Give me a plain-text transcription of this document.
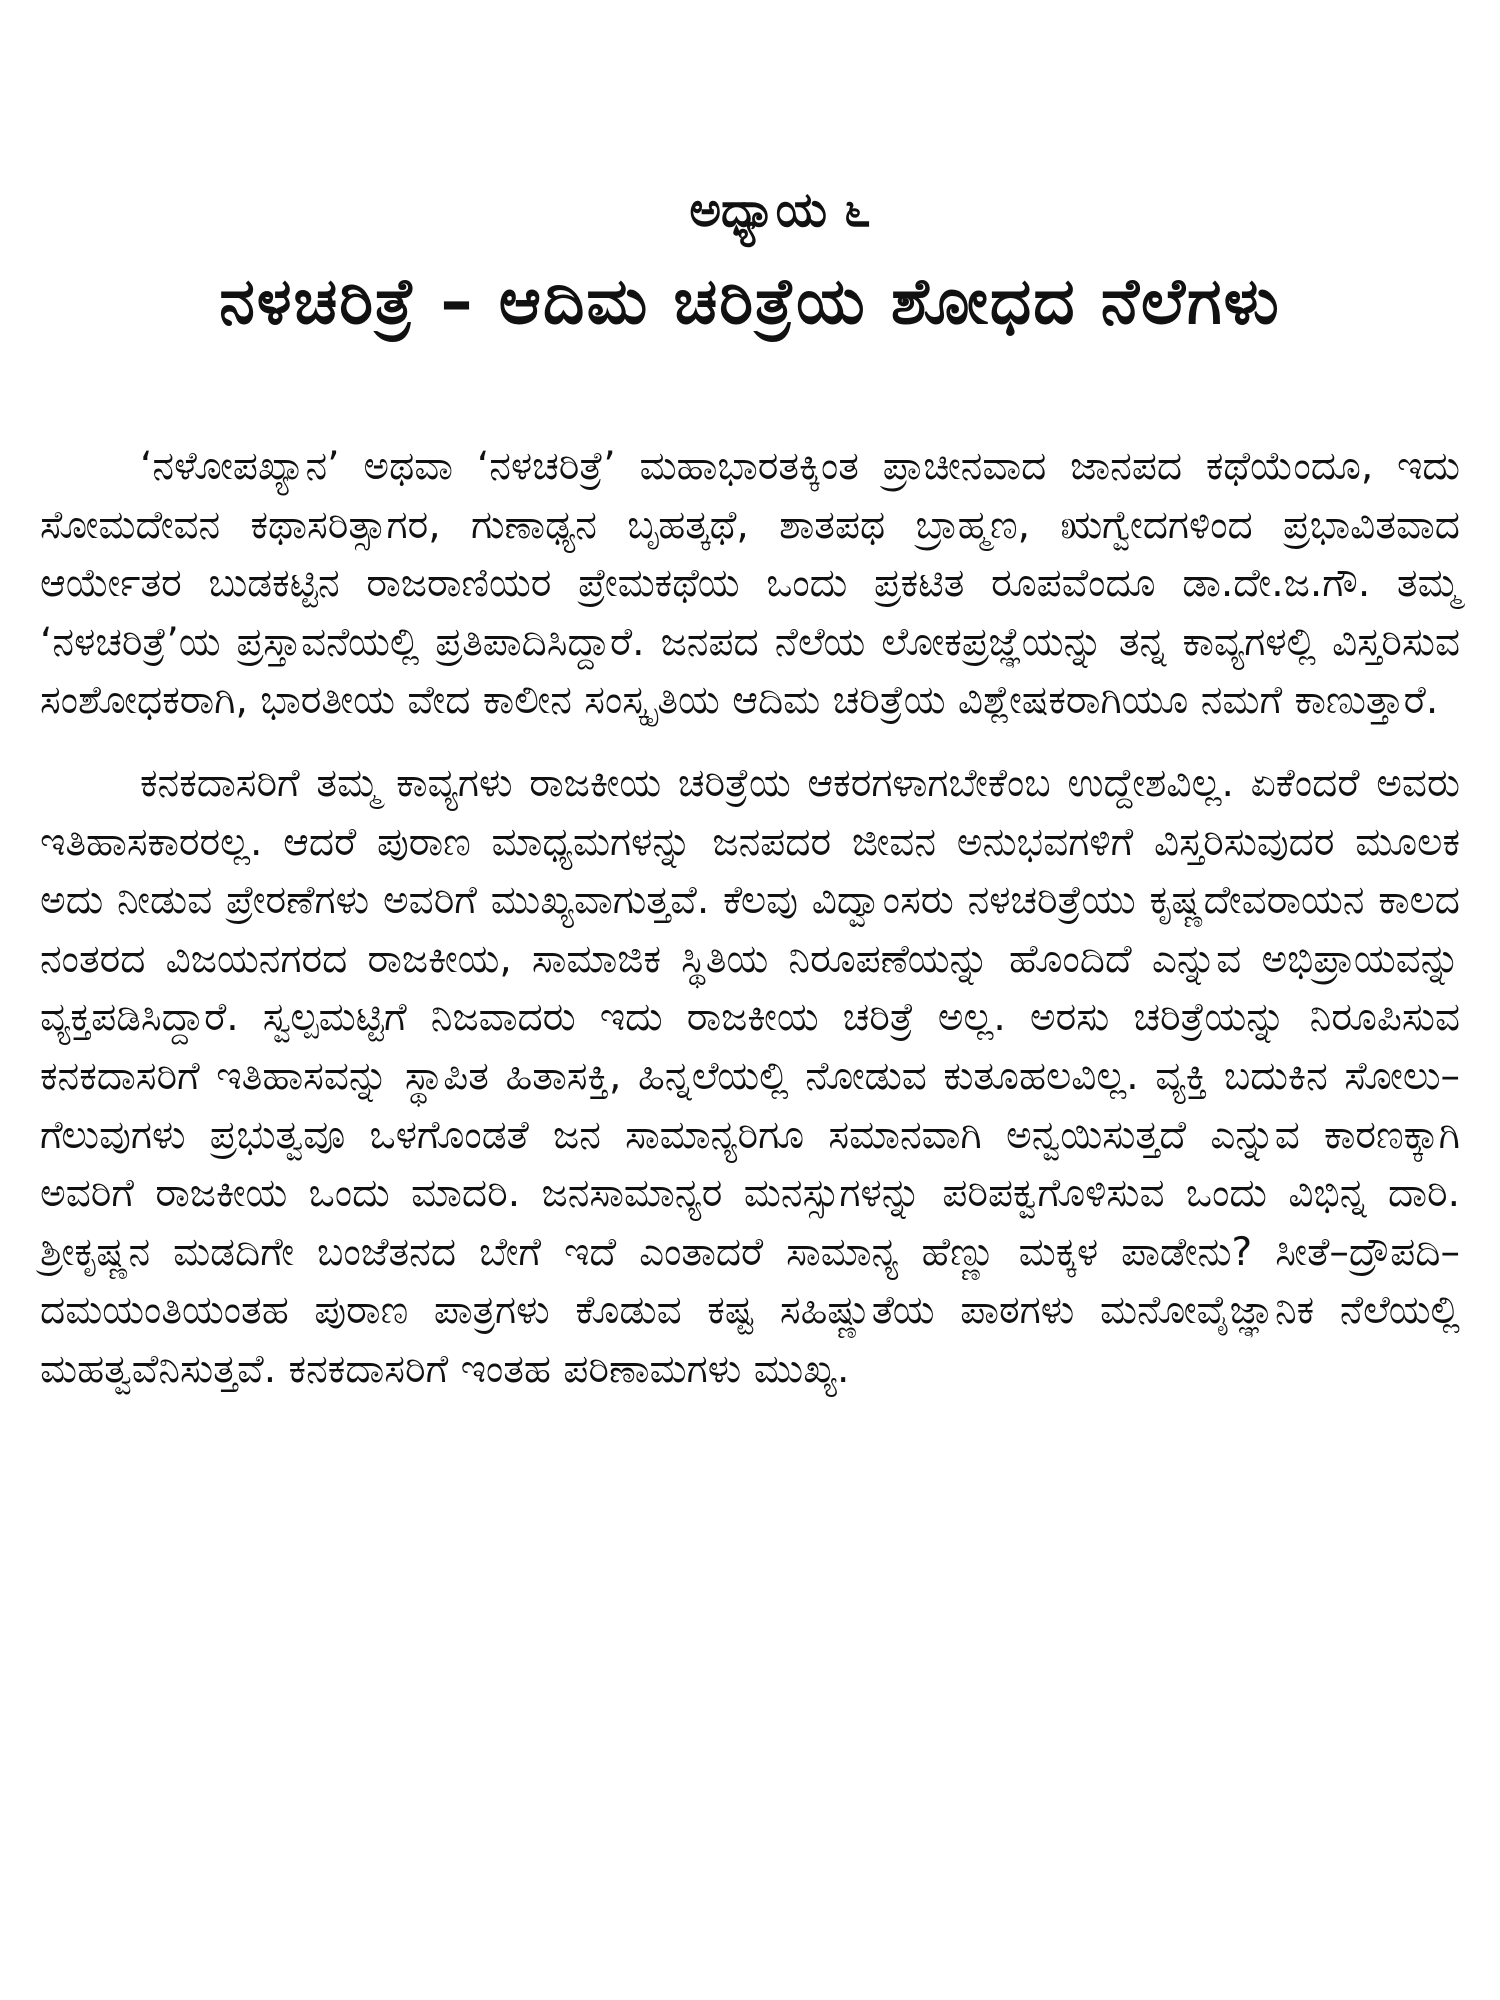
ಅಧ್ಯಾಯ ೬
ನಳಚರಿತ್ರೆ – ಆದಿಮ ಚರಿತ್ರೆಯ ಶೋಧದ ನೆಲೆಗಳು

‘ನಳೋಪಖ್ಯಾನ’ ಅಥವಾ ‘ನಳಚರಿತ್ರೆ’ ಮಹಾಭಾರತಕ್ಕಿಂತ ಪ್ರಾಚೀನವಾದ ಜಾನಪದ ಕಥೆಯೆಂದೂ, ಇದು ಸೋಮದೇವನ ಕಥಾಸರಿತ್ಸಾಗರ, ಗುಣಾಢ್ಯನ ಬೃಹತ್ಕಥೆ, ಶಾತಪಥ ಬ್ರಾಹ್ಮಣ, ಋಗ್ವೇದಗಳಿಂದ ಪ್ರಭಾವಿತವಾದ ಆರ್ಯೇತರ ಬುಡಕಟ್ಟಿನ ರಾಜರಾಣಿಯರ ಪ್ರೇಮಕಥೆಯ ಒಂದು ಪ್ರಕಟಿತ ರೂಪವೆಂದೂ ಡಾ.ದೇ.ಜ.ಗೌ. ತಮ್ಮ ‘ನಳಚರಿತ್ರೆ’ಯ ಪ್ರಸ್ತಾವನೆಯಲ್ಲಿ ಪ್ರತಿಪಾದಿಸಿದ್ದಾರೆ. ಜನಪದ ನೆಲೆಯ ಲೋಕಪ್ರಜ್ಞೆಯನ್ನು ತನ್ನ ಕಾವ್ಯಗಳಲ್ಲಿ ವಿಸ್ತರಿಸುವ ಸಂಶೋಧಕರಾಗಿ, ಭಾರತೀಯ ವೇದ ಕಾಲೀನ ಸಂಸ್ಕೃತಿಯ ಆದಿಮ ಚರಿತ್ರೆಯ ವಿಶ್ಲೇಷಕರಾಗಿಯೂ ನಮಗೆ ಕಾಣುತ್ತಾರೆ.

ಕನಕದಾಸರಿಗೆ ತಮ್ಮ ಕಾವ್ಯಗಳು ರಾಜಕೀಯ ಚರಿತ್ರೆಯ ಆಕರಗಳಾಗಬೇಕೆಂಬ ಉದ್ದೇಶವಿಲ್ಲ. ಏಕೆಂದರೆ ಅವರು ಇತಿಹಾಸಕಾರರಲ್ಲ. ಆದರೆ ಪುರಾಣ ಮಾಧ್ಯಮಗಳನ್ನು ಜನಪದರ ಜೀವನ ಅನುಭವಗಳಿಗೆ ವಿಸ್ತರಿಸುವುದರ ಮೂಲಕ ಅದು ನೀಡುವ ಪ್ರೇರಣೆಗಳು ಅವರಿಗೆ ಮುಖ್ಯವಾಗುತ್ತವೆ. ಕೆಲವು ವಿದ್ವಾಂಸರು ನಳಚರಿತ್ರೆಯು ಕೃಷ್ಣದೇವರಾಯನ ಕಾಲದ ನಂತರದ ವಿಜಯನಗರದ ರಾಜಕೀಯ, ಸಾಮಾಜಿಕ ಸ್ಥಿತಿಯ ನಿರೂಪಣೆಯನ್ನು ಹೊಂದಿದೆ ಎನ್ನುವ ಅಭಿಪ್ರಾಯವನ್ನು ವ್ಯಕ್ತಪಡಿಸಿದ್ದಾರೆ. ಸ್ವಲ್ಪಮಟ್ಟಿಗೆ ನಿಜವಾದರು ಇದು ರಾಜಕೀಯ ಚರಿತ್ರೆ ಅಲ್ಲ. ಅರಸು ಚರಿತ್ರೆಯನ್ನು ನಿರೂಪಿಸುವ ಕನಕದಾಸರಿಗೆ ಇತಿಹಾಸವನ್ನು ಸ್ಥಾಪಿತ ಹಿತಾಸಕ್ತಿ, ಹಿನ್ನಲೆಯಲ್ಲಿ ನೋಡುವ ಕುತೂಹಲವಿಲ್ಲ. ವ್ಯಕ್ತಿ ಬದುಕಿನ ಸೋಲು–ಗೆಲುವುಗಳು ಪ್ರಭುತ್ವವೂ ಒಳಗೊಂಡತೆ ಜನ ಸಾಮಾನ್ಯರಿಗೂ ಸಮಾನವಾಗಿ ಅನ್ವಯಿಸುತ್ತದೆ ಎನ್ನುವ ಕಾರಣಕ್ಕಾಗಿ ಅವರಿಗೆ ರಾಜಕೀಯ ಒಂದು ಮಾದರಿ. ಜನಸಾಮಾನ್ಯರ ಮನಸ್ಸುಗಳನ್ನು ಪರಿಪಕ್ವಗೊಳಿಸುವ ಒಂದು ವಿಭಿನ್ನ ದಾರಿ. ಶ್ರೀಕೃಷ್ಣನ ಮಡದಿಗೇ ಬಂಜೆತನದ ಬೇಗೆ ಇದೆ ಎಂತಾದರೆ ಸಾಮಾನ್ಯ ಹೆಣ್ಣು ಮಕ್ಕಳ ಪಾಡೇನು? ಸೀತೆ–ದ್ರೌಪದಿ–ದಮಯಂತಿಯಂತಹ ಪುರಾಣ ಪಾತ್ರಗಳು ಕೊಡುವ ಕಷ್ಟ ಸಹಿಷ್ಣುತೆಯ ಪಾಠಗಳು ಮನೋವೈಜ್ಞಾನಿಕ ನೆಲೆಯಲ್ಲಿ ಮಹತ್ವವೆನಿಸುತ್ತವೆ. ಕನಕದಾಸರಿಗೆ ಇಂತಹ ಪರಿಣಾಮಗಳು ಮುಖ್ಯ.
